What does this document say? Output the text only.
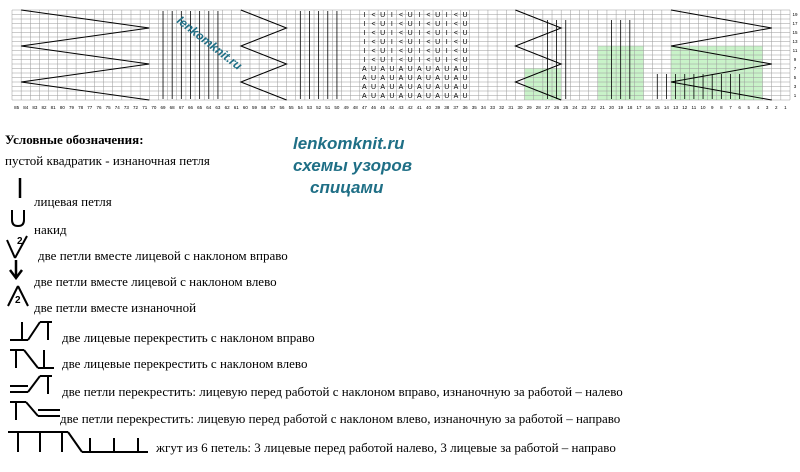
I < U I < U I < U I < U
I < U I < U I < U I < U
I < U I < U I < U I < U
I < U I < U I < U I < U
I < U I < U I < U I < U
I < U I < U I < U I < U
A U A U A U A U A U A U
A U A U A U A U A U A U
A U A U A U A U A U A U
A U A U A U A U A U A U
85 84 83 82 81 80 79 78 77 76 75 74 73 72 71 70 69 68 67 66 65 64 63 62 61 60 59 58 57 56 55 54 53 52 51 50 49 48 47 46 45 44 43 42 41 40 39 38 37 36 35 34 33 32 31 30 29 28 27 26 25 24 23 22 21 20 19 18 17 16 15 14 13 12 11 10 9 8 7 6 5 4 3 2 1
19
17
15
13
11
9
7
5
3
1
lenkomknit.ru
Условные обозначения:
пустой квадратик - изнаночная петля
lenkomknit.ru
схемы узоров
спицами
лицевая петля
накид
2
две петли вместе лицевой с наклоном вправо
две петли вместе лицевой с наклоном влево
2 две петли вместе изнаночной
две лицевые перекрестить с наклоном вправо
две лицевые перекрестить с наклоном влево
две петли перекрестить: лицевую перед работой с наклоном вправо, изнаночную за работой – налево
две петли перекрестить: лицевую перед работой с наклоном влево, изнаночную за работой – направо
жгут из 6 петель: 3 лицевые перед работой налево, 3 лицевые за работой – направо
